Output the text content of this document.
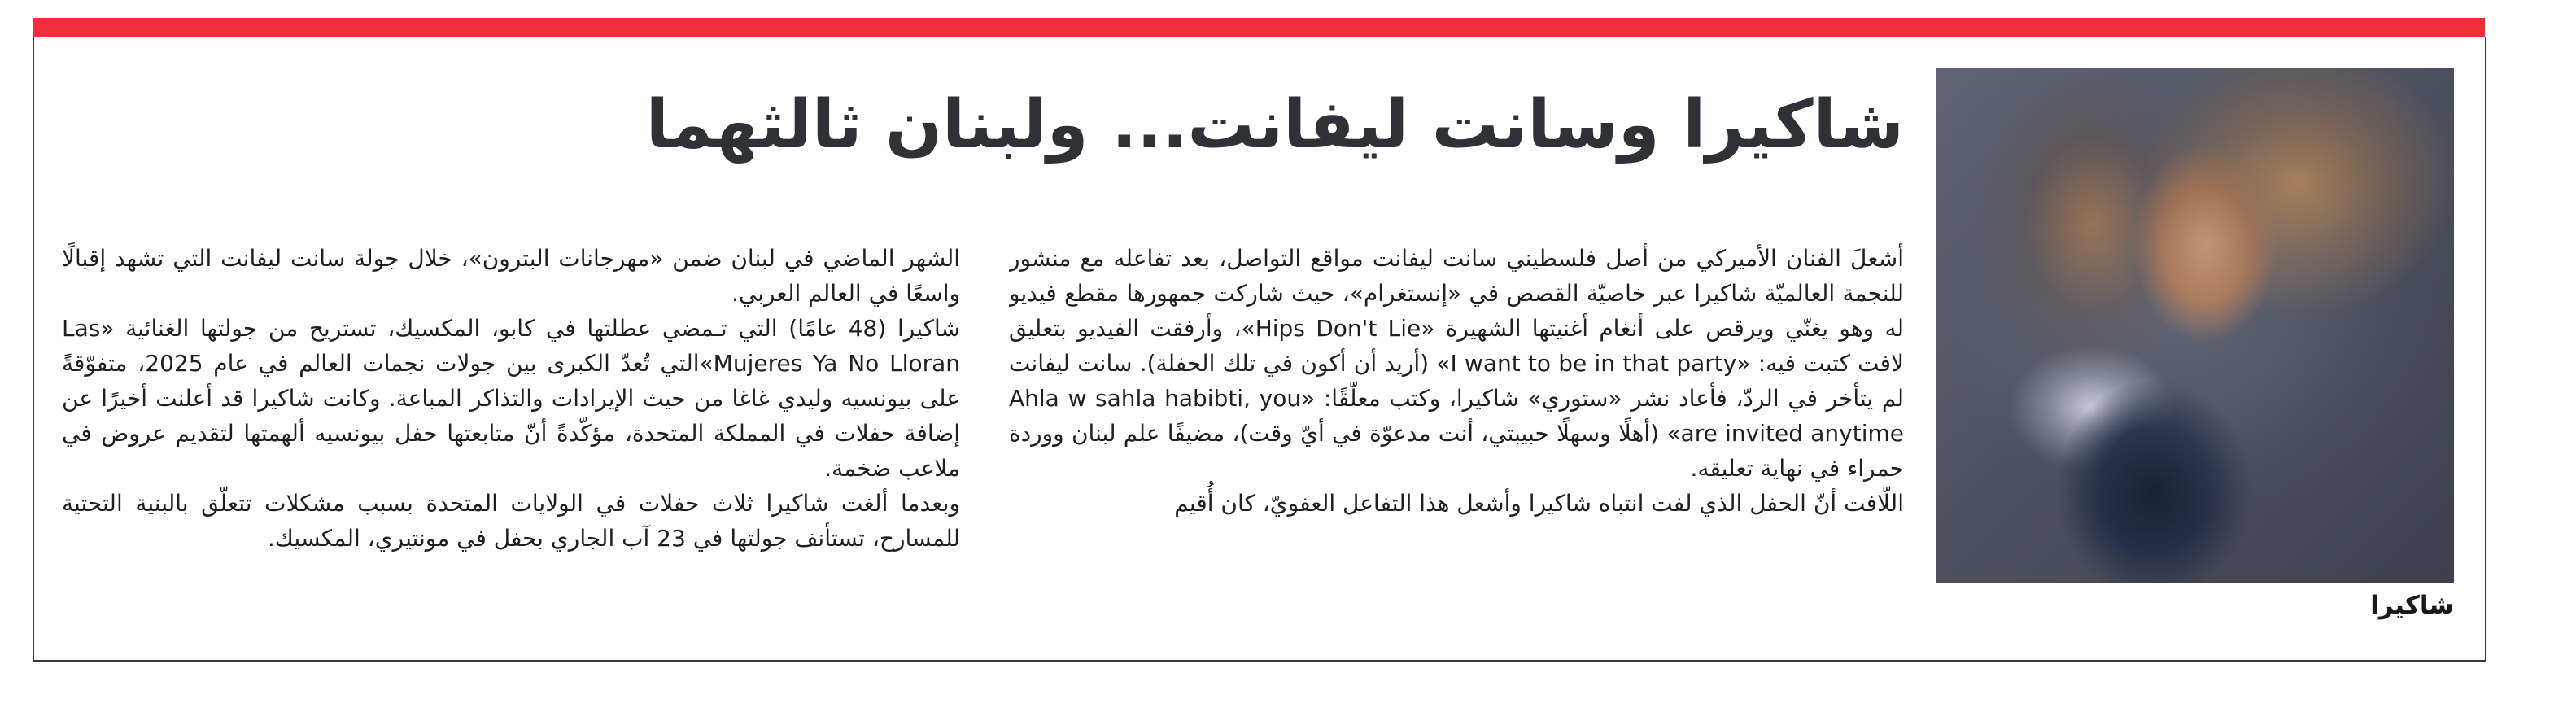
شاكيرا
شاكيرا وسانت ليفانت... ولبنان ثالثهما

أشعلَ الفنان الأميركي من أصل فلسطيني سانت ليفانت مواقع التواصل، بعد تفاعله مع منشور للنجمة العالميّة شاكيرا عبر خاصيّة القصص في «إنستغرام»، حيث شاركت جمهورها مقطع فيديو له وهو يغنّي ويرقص على أنغام أغنيتها الشهيرة «Hips Don't Lie»، وأرفقت الفيديو بتعليق لافت كتبت فيه: «I want to be in that party» (أريد أن أكون في تلك الحفلة). سانت ليفانت لم يتأخر في الردّ، فأعاد نشر «ستوري» شاكيرا، وكتب معلّقًا: «Ahla w sahla habibti, you are invited anytime» (أهلًا وسهلًا حبيبتي، أنت مدعوّة في أيّ وقت)، مضيفًا علم لبنان ووردة حمراء في نهاية تعليقه.

اللّافت أنّ الحفل الذي لفت انتباه شاكيرا وأشعل هذا التفاعل العفويّ، كان أُقيم

الشهر الماضي في لبنان ضمن «مهرجانات البترون»، خلال جولة سانت ليفانت التي تشهد إقبالًا واسعًا في العالم العربي.

شاكيرا (48 عامًا) التي تـمضي عطلتها في كابو، المكسيك، تستريح من جولتها الغنائية «Las Mujeres Ya No Lloran»التي تُعدّ الكبرى بين جولات نجمات العالم في عام 2025، متفوّقةً على بيونسيه وليدي غاغا من حيث الإيرادات والتذاكر المباعة. وكانت شاكيرا قد أعلنت أخيرًا عن إضافة حفلات في المملكة المتحدة، مؤكّدةً أنّ متابعتها حفل بيونسيه ألهمتها لتقديم عروض في ملاعب ضخمة.

وبعدما ألغت شاكيرا ثلاث حفلات في الولايات المتحدة بسبب مشكلات تتعلّق بالبنية التحتية للمسارح، تستأنف جولتها في 23 آب الجاري بحفل في مونتيري، المكسيك.
